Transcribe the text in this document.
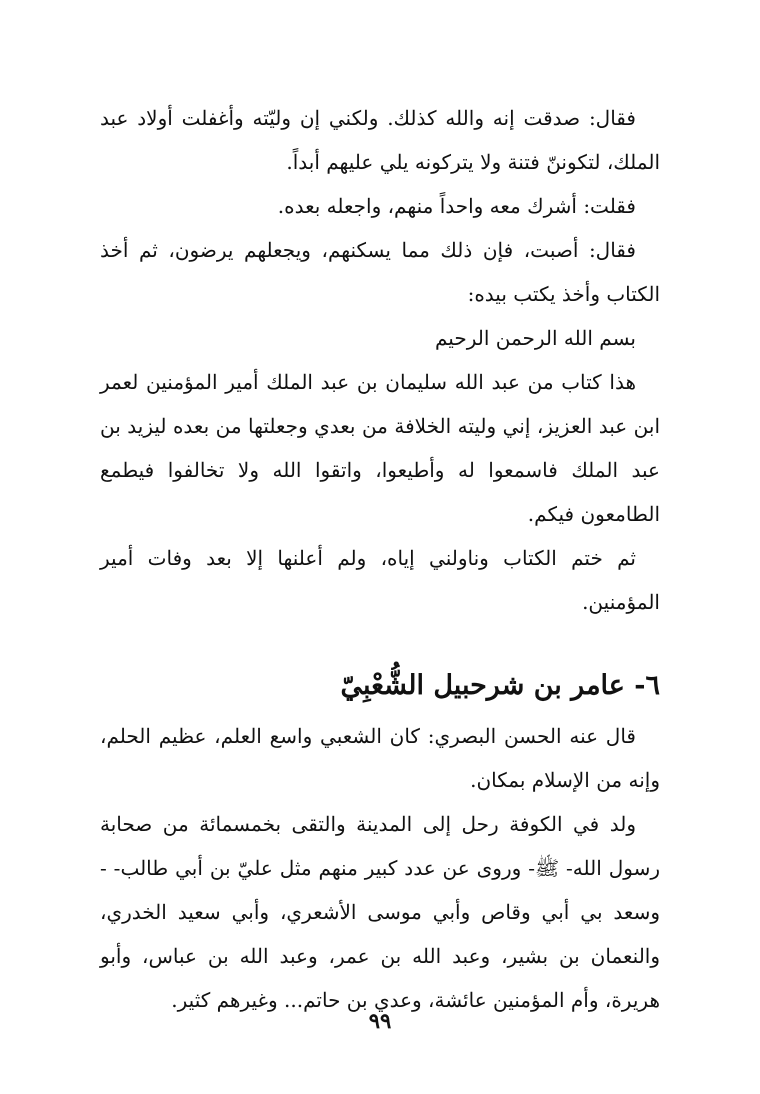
فقال: صدقت إنه والله كذلك. ولكني إن وليّته وأغفلت أولاد عبد الملك، لتكوننّ فتنة ولا يتركونه يلي عليهم أبداً.

فقلت: أشرك معه واحداً منهم، واجعله بعده.

فقال: أصبت، فإن ذلك مما يسكنهم، ويجعلهم يرضون، ثم أخذ الكتاب وأخذ يكتب بيده:

بسم الله الرحمن الرحيم

هذا كتاب من عبد الله سليمان بن عبد الملك أمير المؤمنين لعمر ابن عبد العزيز، إني وليته الخلافة من بعدي وجعلتها من بعده ليزيد بن عبد الملك فاسمعوا له وأطيعوا، واتقوا الله ولا تخالفوا فيطمع الطامعون فيكم.

ثم ختم الكتاب وناولني إياه، ولم أعلنها إلا بعد وفات أمير المؤمنين.

٦- عامر بن شرحبيل الشُّعْبِيّ

قال عنه الحسن البصري: كان الشعبي واسع العلم، عظيم الحلم، وإنه من الإسلام بمكان.

ولد في الكوفة رحل إلى المدينة والتقى بخمسمائة من صحابة رسول الله- ﷺ- وروى عن عدد كبير منهم مثل عليّ بن أبي طالب- - وسعد بي أبي وقاص وأبي موسى الأشعري، وأبي سعيد الخدري، والنعمان بن بشير، وعبد الله بن عمر، وعبد الله بن عباس، وأبو هريرة، وأم المؤمنين عائشة، وعدي بن حاتم... وغيرهم كثير.

٩٩
